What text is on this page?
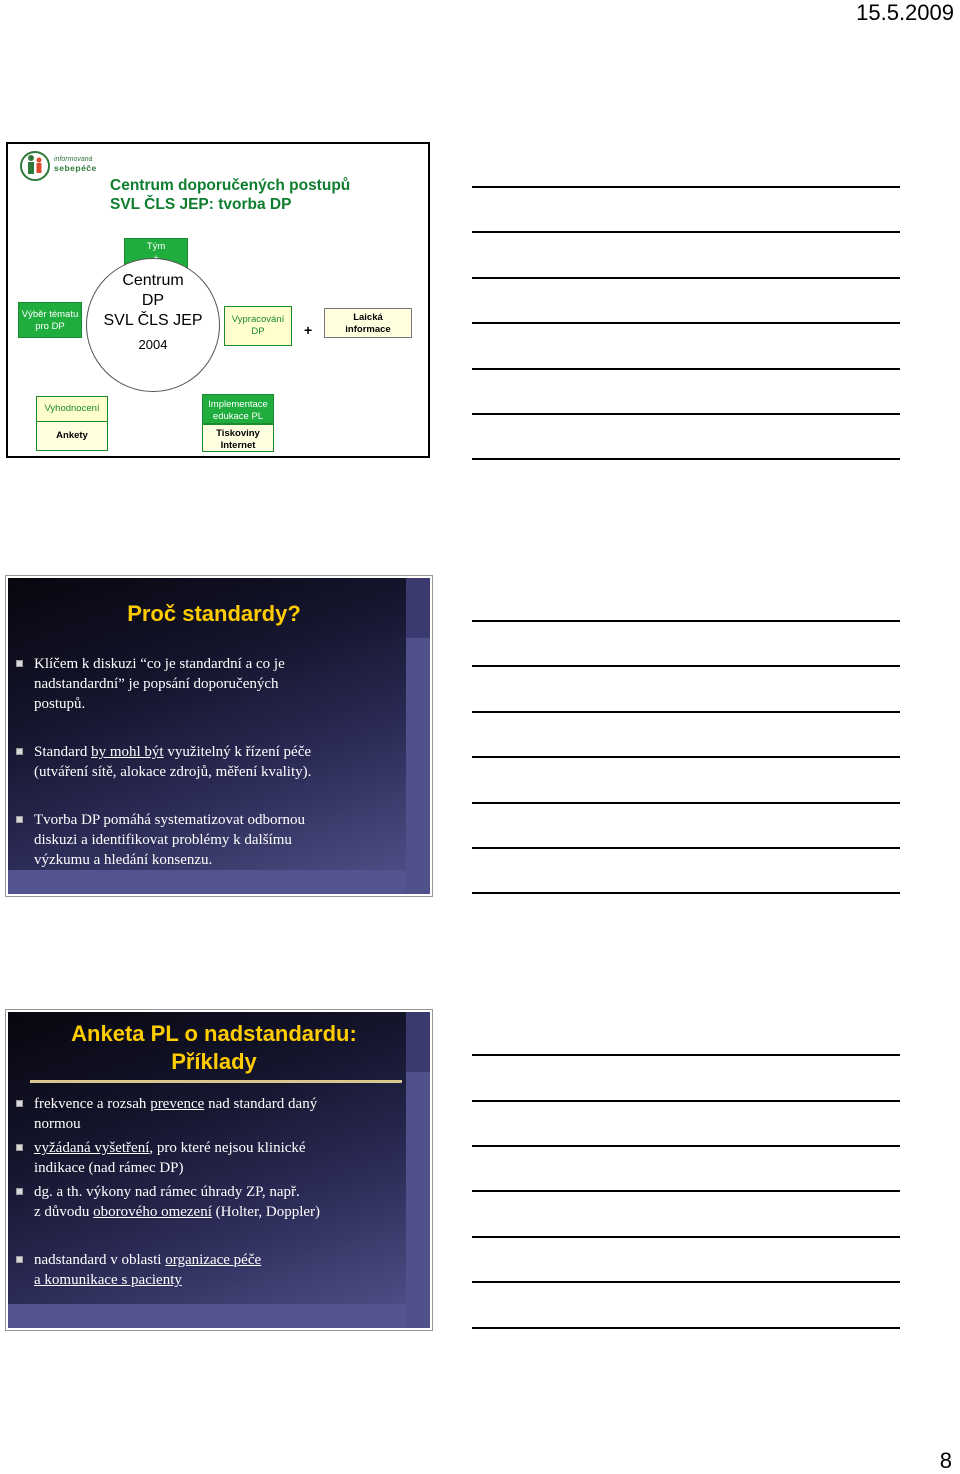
15.5.2009
informovaná
sebepéče
Centrum doporučených postupů
SVL ČLS JEP: tvorba DP
Tým
Výběr tématu
pro DP
Centrum
DP
SVL ČLS JEP
2004
Vypracování
DP	+
Laická
informace
Vyhodnocení
Ankety
Implementace
edukace PL
Tiskoviny
Internet
Proč standardy?
Klíčem k diskuzi “co je standardní a co je
nadstandardní” je popsání doporučených
postupů.
Standard by mohl být využitelný k řízení péče
(utváření sítě, alokace zdrojů, měření kvality).
Tvorba DP pomáhá systematizovat odbornou
diskuzi a identifikovat problémy k dalšímu
výzkumu a hledání konsenzu.
Anketa PL o nadstandardu:
Příklady
frekvence a rozsah prevence nad standard daný
normou
vyžádaná vyšetření, pro které nejsou klinické
indikace (nad rámec DP)
dg. a th. výkony nad rámec úhrady ZP, např.
z důvodu oborového omezení (Holter, Doppler)
nadstandard v oblasti organizace péče
a komunikace s pacienty
8
